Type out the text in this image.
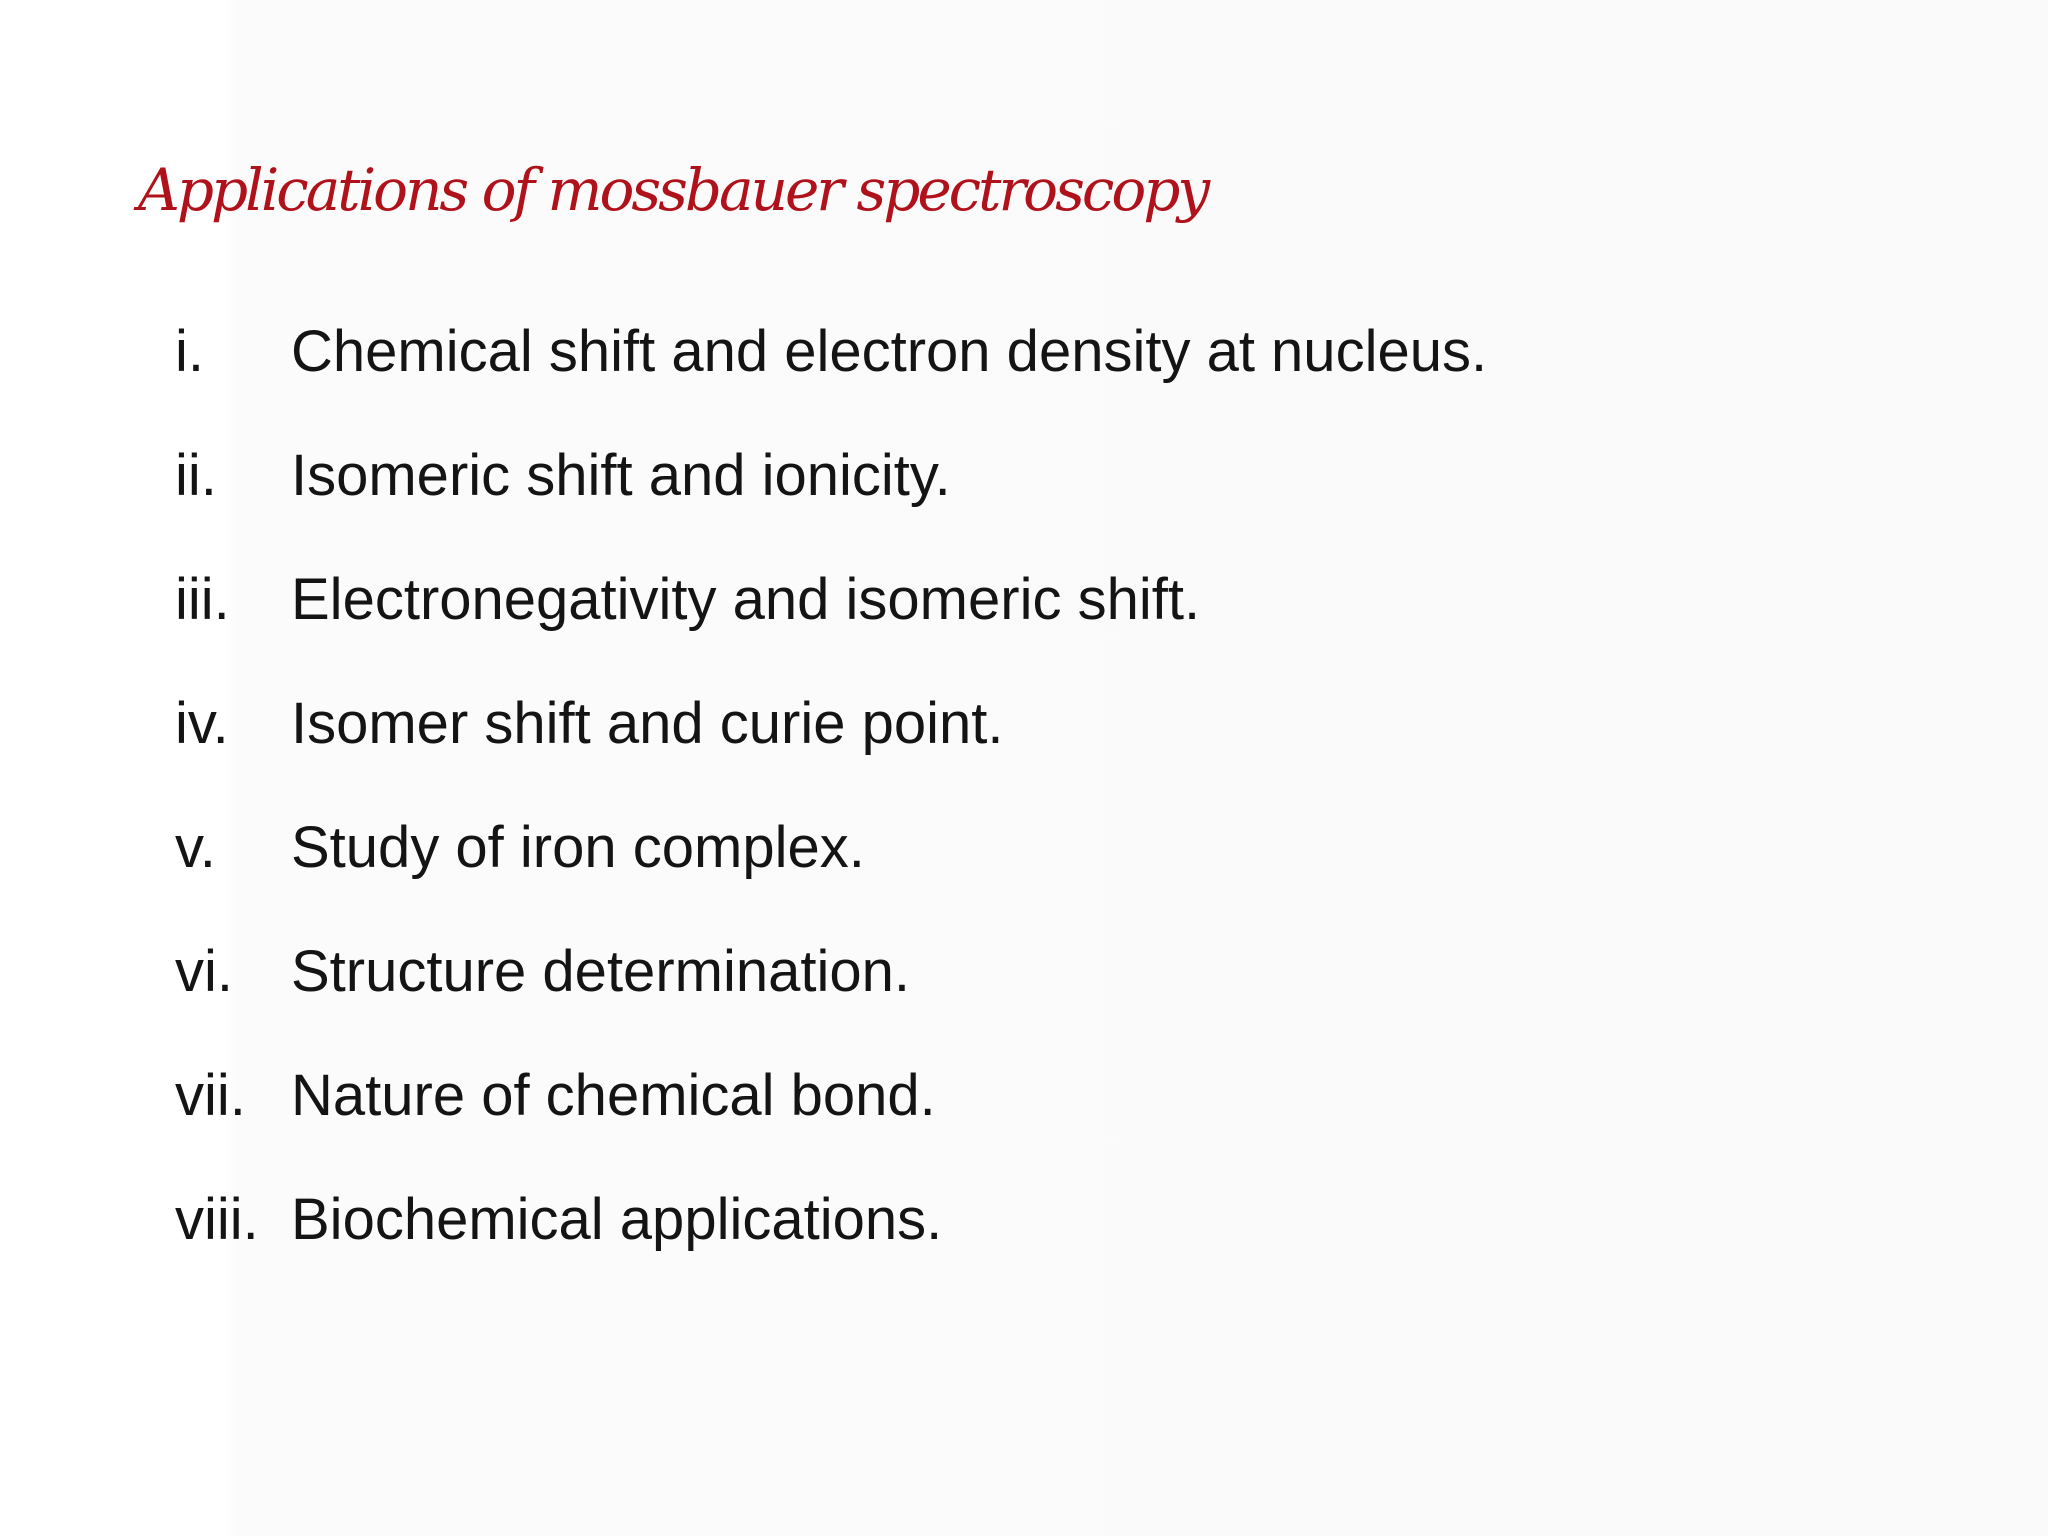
Applications of mossbauer spectroscopy
i.	Chemical shift and electron density at nucleus.
ii.	Isomeric shift and ionicity.
iii.	Electronegativity and isomeric shift.
iv.	Isomer shift and curie point.
v.	Study of iron complex.
vi.	Structure determination.
vii. Nature of chemical bond.
viii. Biochemical applications.
